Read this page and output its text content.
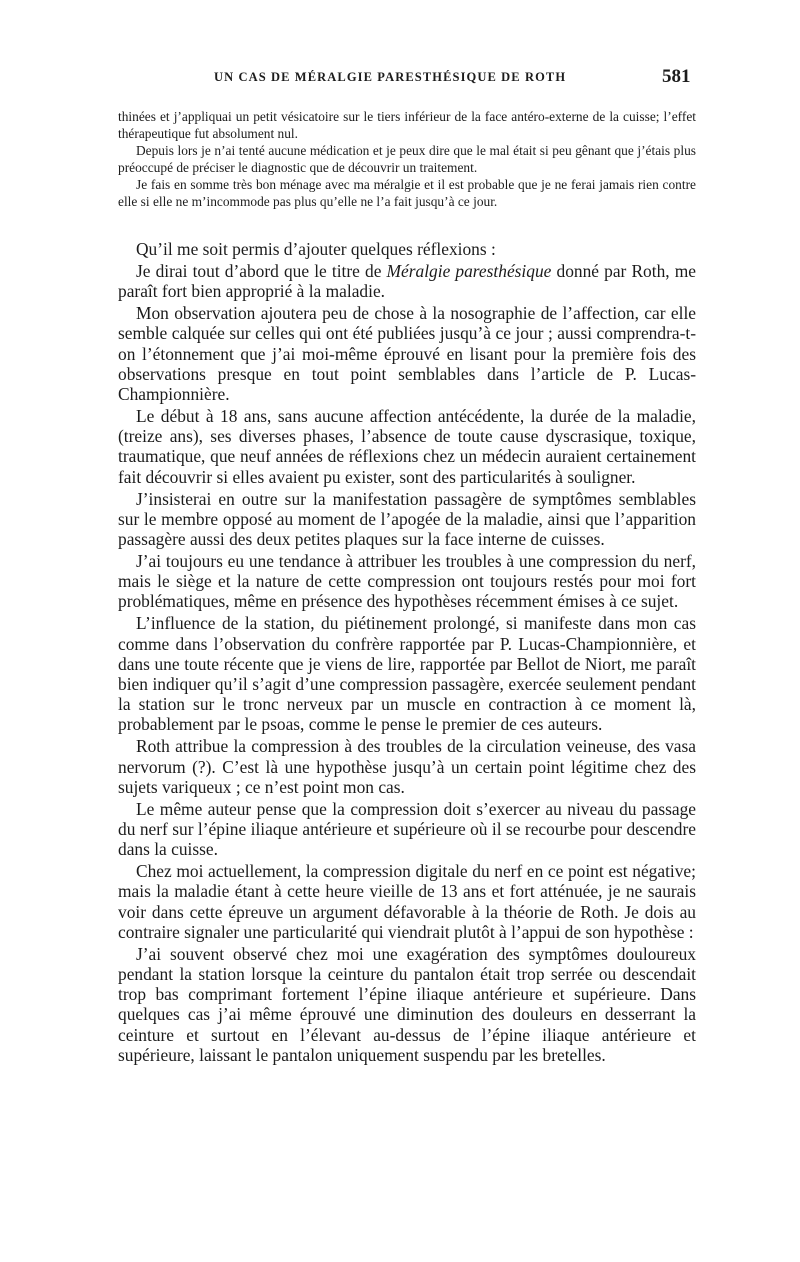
UN CAS DE MÉRALGIE PARESTHÉSIQUE DE ROTH	581

thinées et j’appliquai un petit vésicatoire sur le tiers inférieur de la face antéro-externe de la cuisse; l’effet thérapeutique fut absolument nul.

Depuis lors je n’ai tenté aucune médication et je peux dire que le mal était si peu gênant que j’étais plus préoccupé de préciser le diagnostic que de découvrir un traitement.

Je fais en somme très bon ménage avec ma méralgie et il est probable que je ne ferai jamais rien contre elle si elle ne m’incommode pas plus qu’elle ne l’a fait jusqu’à ce jour.

Qu’il me soit permis d’ajouter quelques réflexions :

Je dirai tout d’abord que le titre de Méralgie paresthésique donné par Roth, me paraît fort bien approprié à la maladie.

Mon observation ajoutera peu de chose à la nosographie de l’affection, car elle semble calquée sur celles qui ont été publiées jusqu’à ce jour ; aussi comprendra-t-on l’étonnement que j’ai moi-même éprouvé en lisant pour la première fois des observations presque en tout point semblables dans l’article de P. Lucas-Championnière.

Le début à 18 ans, sans aucune affection antécédente, la durée de la maladie, (treize ans), ses diverses phases, l’absence de toute cause dyscrasique, toxique, traumatique, que neuf années de réflexions chez un médecin auraient certainement fait découvrir si elles avaient pu exister, sont des particularités à souligner.

J’insisterai en outre sur la manifestation passagère de symptômes semblables sur le membre opposé au moment de l’apogée de la maladie, ainsi que l’apparition passagère aussi des deux petites plaques sur la face interne de cuisses.

J’ai toujours eu une tendance à attribuer les troubles à une compression du nerf, mais le siège et la nature de cette compression ont toujours restés pour moi fort problématiques, même en présence des hypothèses récemment émises à ce sujet.

L’influence de la station, du piétinement prolongé, si manifeste dans mon cas comme dans l’observation du confrère rapportée par P. Lucas-Championnière, et dans une toute récente que je viens de lire, rapportée par Bellot de Niort, me paraît bien indiquer qu’il s’agit d’une compression passagère, exercée seulement pendant la station sur le tronc nerveux par un muscle en contraction à ce moment là, probablement par le psoas, comme le pense le premier de ces auteurs.

Roth attribue la compression à des troubles de la circulation veineuse, des vasa nervorum (?). C’est là une hypothèse jusqu’à un certain point légitime chez des sujets variqueux ; ce n’est point mon cas.

Le même auteur pense que la compression doit s’exercer au niveau du passage du nerf sur l’épine iliaque antérieure et supérieure où il se recourbe pour descendre dans la cuisse.

Chez moi actuellement, la compression digitale du nerf en ce point est négative; mais la maladie étant à cette heure vieille de 13 ans et fort atténuée, je ne saurais voir dans cette épreuve un argument défavorable à la théorie de Roth. Je dois au contraire signaler une particularité qui viendrait plutôt à l’appui de son hypothèse :

J’ai souvent observé chez moi une exagération des symptômes douloureux pendant la station lorsque la ceinture du pantalon était trop serrée ou descendait trop bas comprimant fortement l’épine iliaque antérieure et supérieure. Dans quelques cas j’ai même éprouvé une diminution des douleurs en desserrant la ceinture et surtout en l’élevant au-dessus de l’épine iliaque antérieure et supérieure, laissant le pantalon uniquement suspendu par les bretelles.
